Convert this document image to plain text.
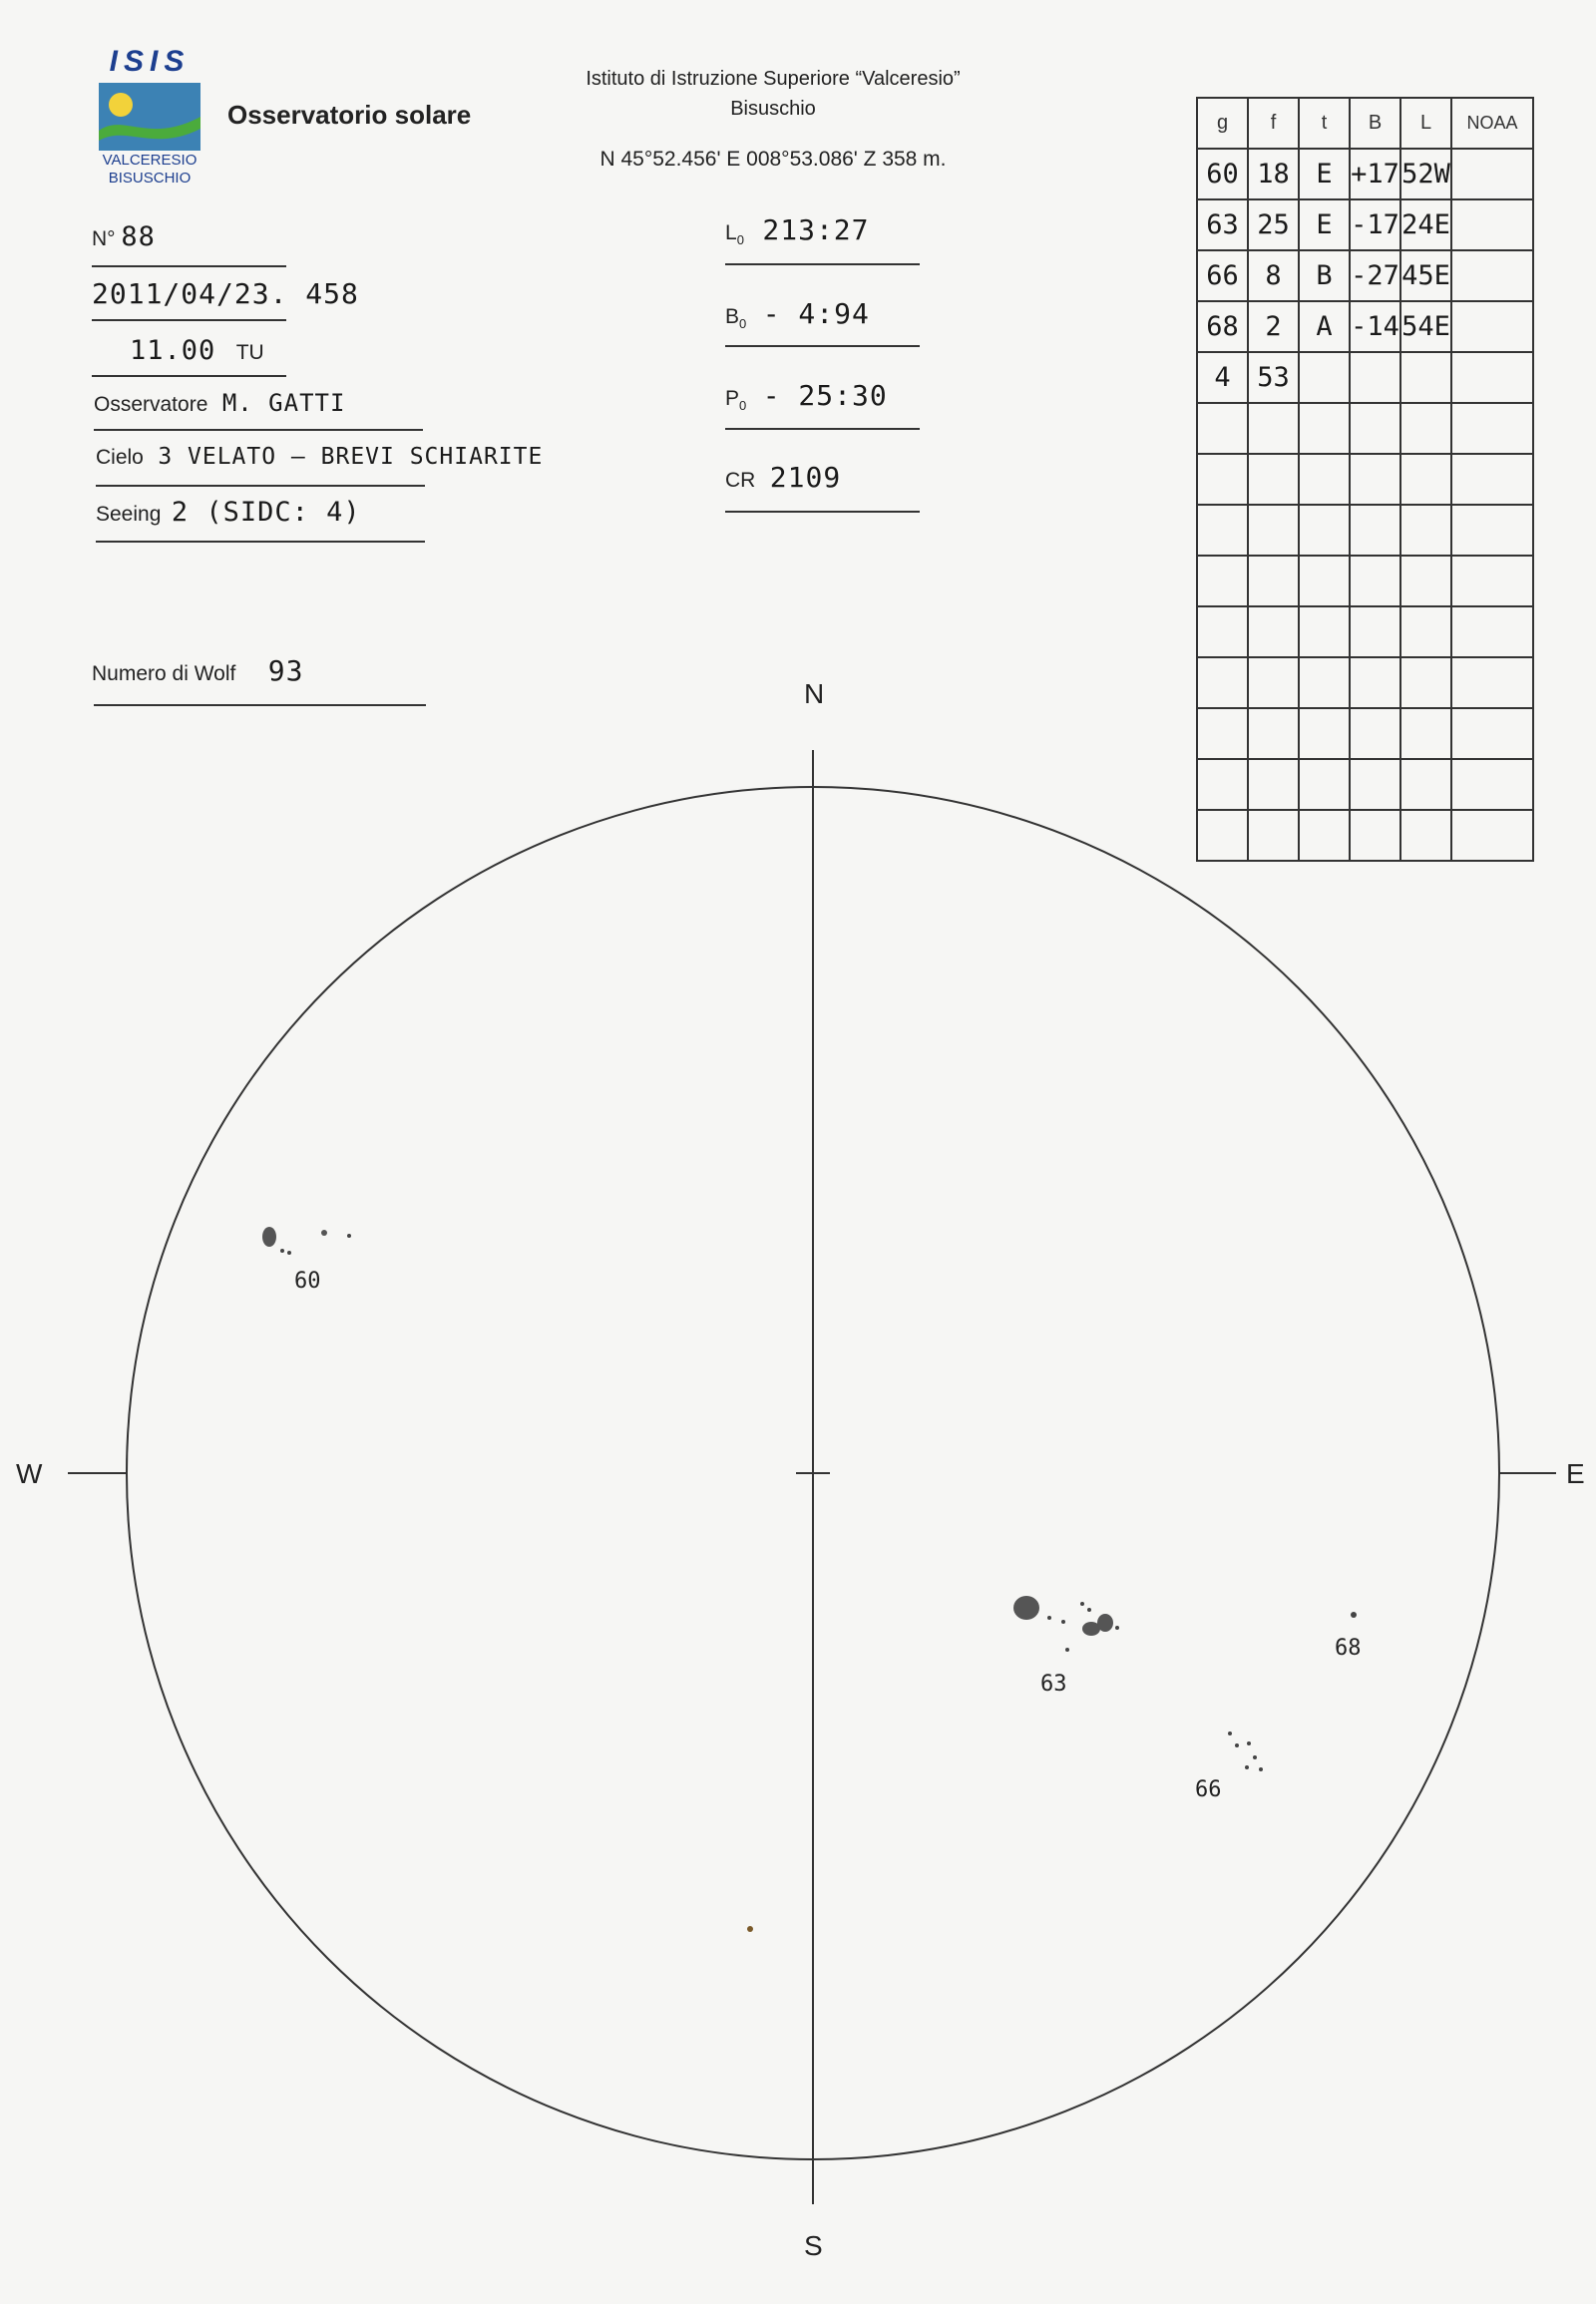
ISIS
VALCERESIO
BISUSCHIO
Osservatorio solare
Istituto di Istruzione Superiore “Valceresio”
Bisuschio
N 45°52.456' E 008°53.086' Z 358 m.
N° 88
2011/04/23. 458
11.00 TU
Osservatore M. GATTI
Cielo 3 VELATO – BREVI SCHIARITE
Seeing 2 (SIDC: 4)
Numero di Wolf 93
$L_0$ 213:27
$B_0$ - 4:94
$P_0$ - 25:30
CR 2109
g	f	t	B	L	NOAA
60	18	E	+17	52W	
63	25	E	-17	24E	
66	8	B	-27	45E	
68	2	A	-14	54E	
4	53				

N
S
W	E
60
63
66
68
